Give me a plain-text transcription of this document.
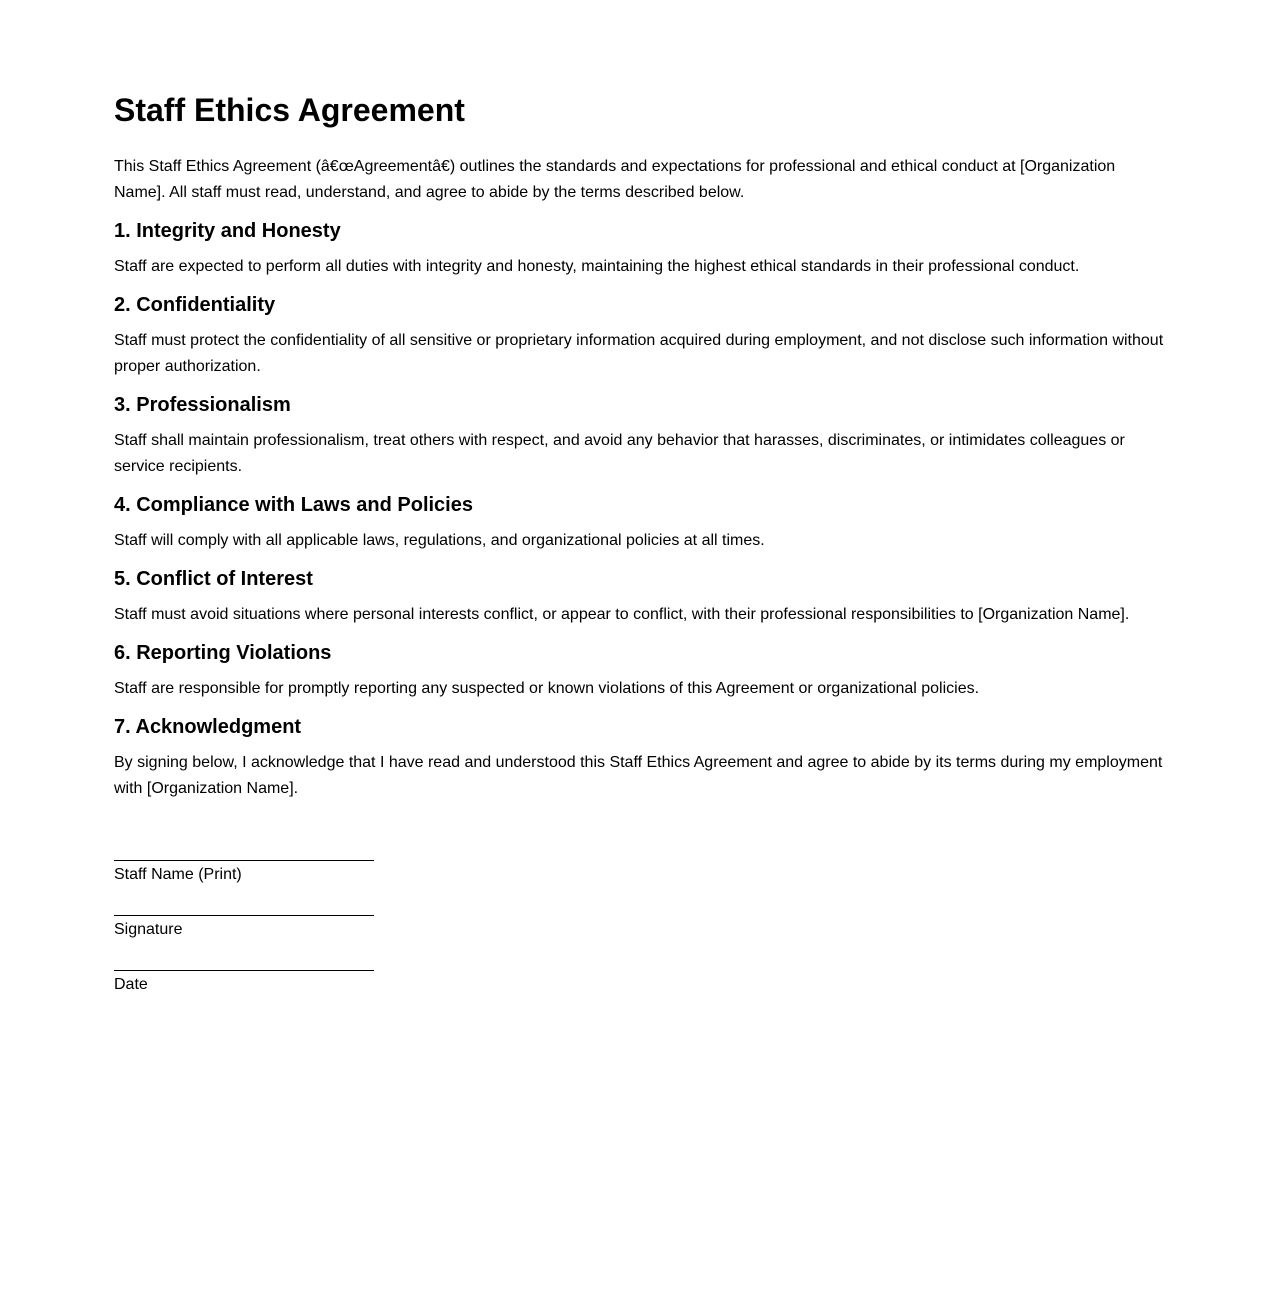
Staff Ethics Agreement

This Staff Ethics Agreement (â€œAgreementâ€) outlines the standards and expectations for professional and ethical conduct at [Organization Name]. All staff must read, understand, and agree to abide by the terms described below.

1. Integrity and Honesty

Staff are expected to perform all duties with integrity and honesty, maintaining the highest ethical standards in their professional conduct.

2. Confidentiality

Staff must protect the confidentiality of all sensitive or proprietary information acquired during employment, and not disclose such information without proper authorization.

3. Professionalism

Staff shall maintain professionalism, treat others with respect, and avoid any behavior that harasses, discriminates, or intimidates colleagues or service recipients.

4. Compliance with Laws and Policies

Staff will comply with all applicable laws, regulations, and organizational policies at all times.

5. Conflict of Interest

Staff must avoid situations where personal interests conflict, or appear to conflict, with their professional responsibilities to [Organization Name].

6. Reporting Violations

Staff are responsible for promptly reporting any suspected or known violations of this Agreement or organizational policies.

7. Acknowledgment

By signing below, I acknowledge that I have read and understood this Staff Ethics Agreement and agree to abide by its terms during my employment with [Organization Name].

Staff Name (Print)
Signature
Date
